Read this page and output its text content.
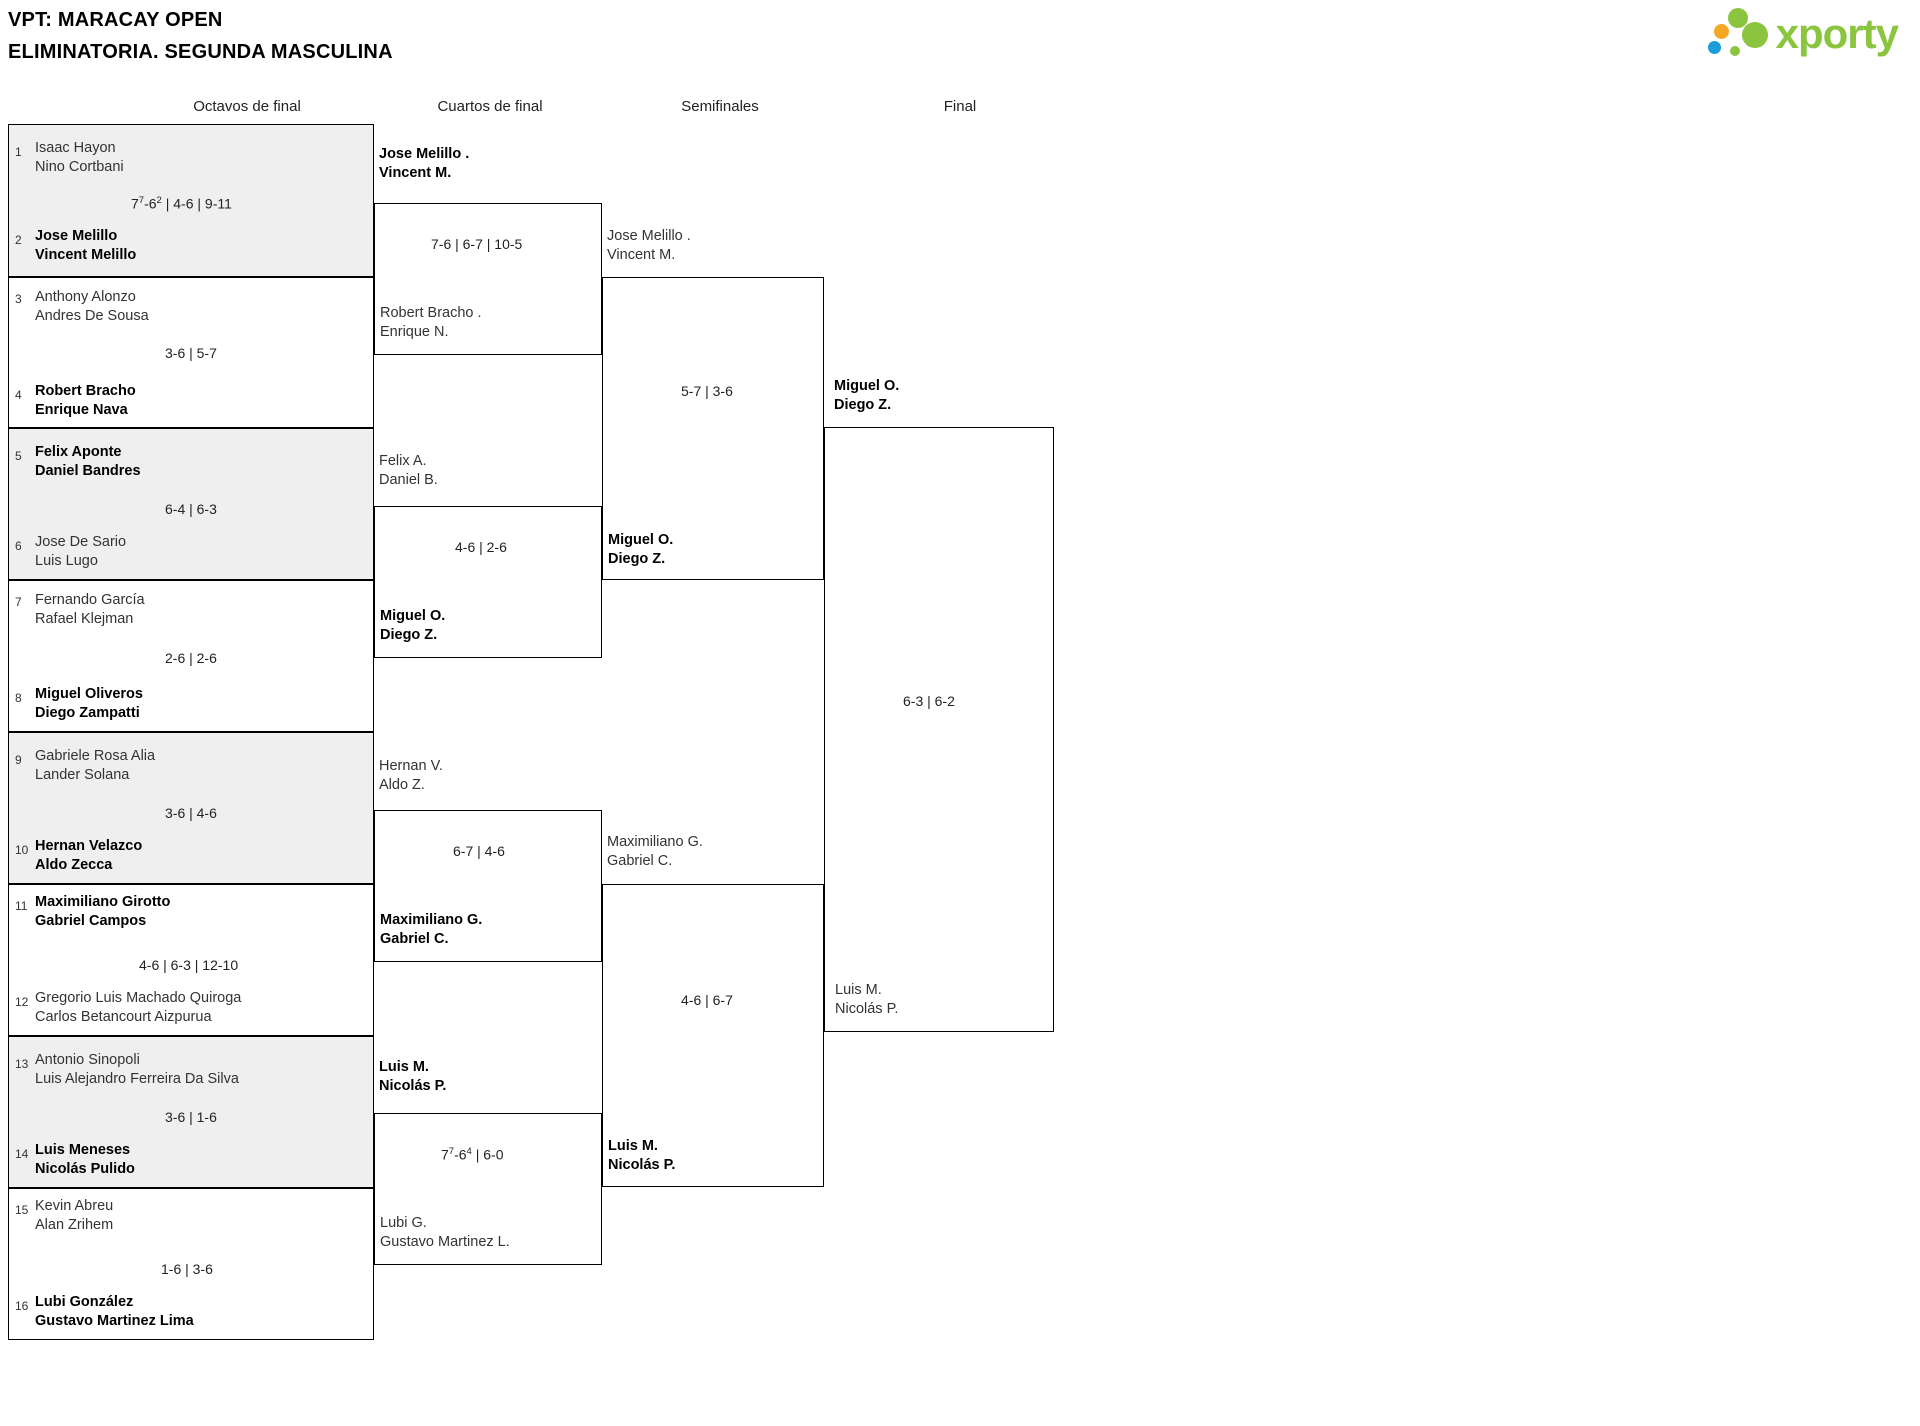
VPT: MARACAY OPEN
ELIMINATORIA. SEGUNDA MASCULINA	xporty
Octavos de final	Cuartos de final	Semifinales	Final
1 Isaac Hayon
Nino Cortbani
$7^7-6^2$ | 4-6 | 9-11
2 Jose Melillo
Vincent Melillo
3 Anthony Alonzo
Andres De Sousa
3-6 | 5-7
4 Robert Bracho
Enrique Nava
5 Felix Aponte
Daniel Bandres
6-4 | 6-3
6 Jose De Sario
Luis Lugo
7 Fernando García
Rafael Klejman
2-6 | 2-6
8 Miguel Oliveros
Diego Zampatti
9 Gabriele Rosa Alia
Lander Solana
3-6 | 4-6
10 Hernan Velazco
Aldo Zecca
11 Maximiliano Girotto
Gabriel Campos
4-6 | 6-3 | 12-10
12 Gregorio Luis Machado Quiroga
Carlos Betancourt Aizpurua
13 Antonio Sinopoli
Luis Alejandro Ferreira Da Silva
3-6 | 1-6
14 Luis Meneses
Nicolás Pulido
15 Kevin Abreu
Alan Zrihem
1-6 | 3-6
16 Lubi González
Gustavo Martinez Lima
Jose Melillo .
Vincent M.
7-6 | 6-7 | 10-5
Robert Bracho .
Enrique N.
Felix A.
Daniel B.
4-6 | 2-6
Miguel O.
Diego Z.
Hernan V.
Aldo Z.
6-7 | 4-6
Maximiliano G.
Gabriel C.
Luis M.
Nicolás P.
$7^7-6^4$ | 6-0
Lubi G.
Gustavo Martinez L.
Jose Melillo .
Vincent M.
5-7 | 3-6
Miguel O.
Diego Z.
Maximiliano G.
Gabriel C.
4-6 | 6-7
Luis M.
Nicolás P.
Miguel O.
Diego Z.
6-3 | 6-2
Luis M.
Nicolás P.
